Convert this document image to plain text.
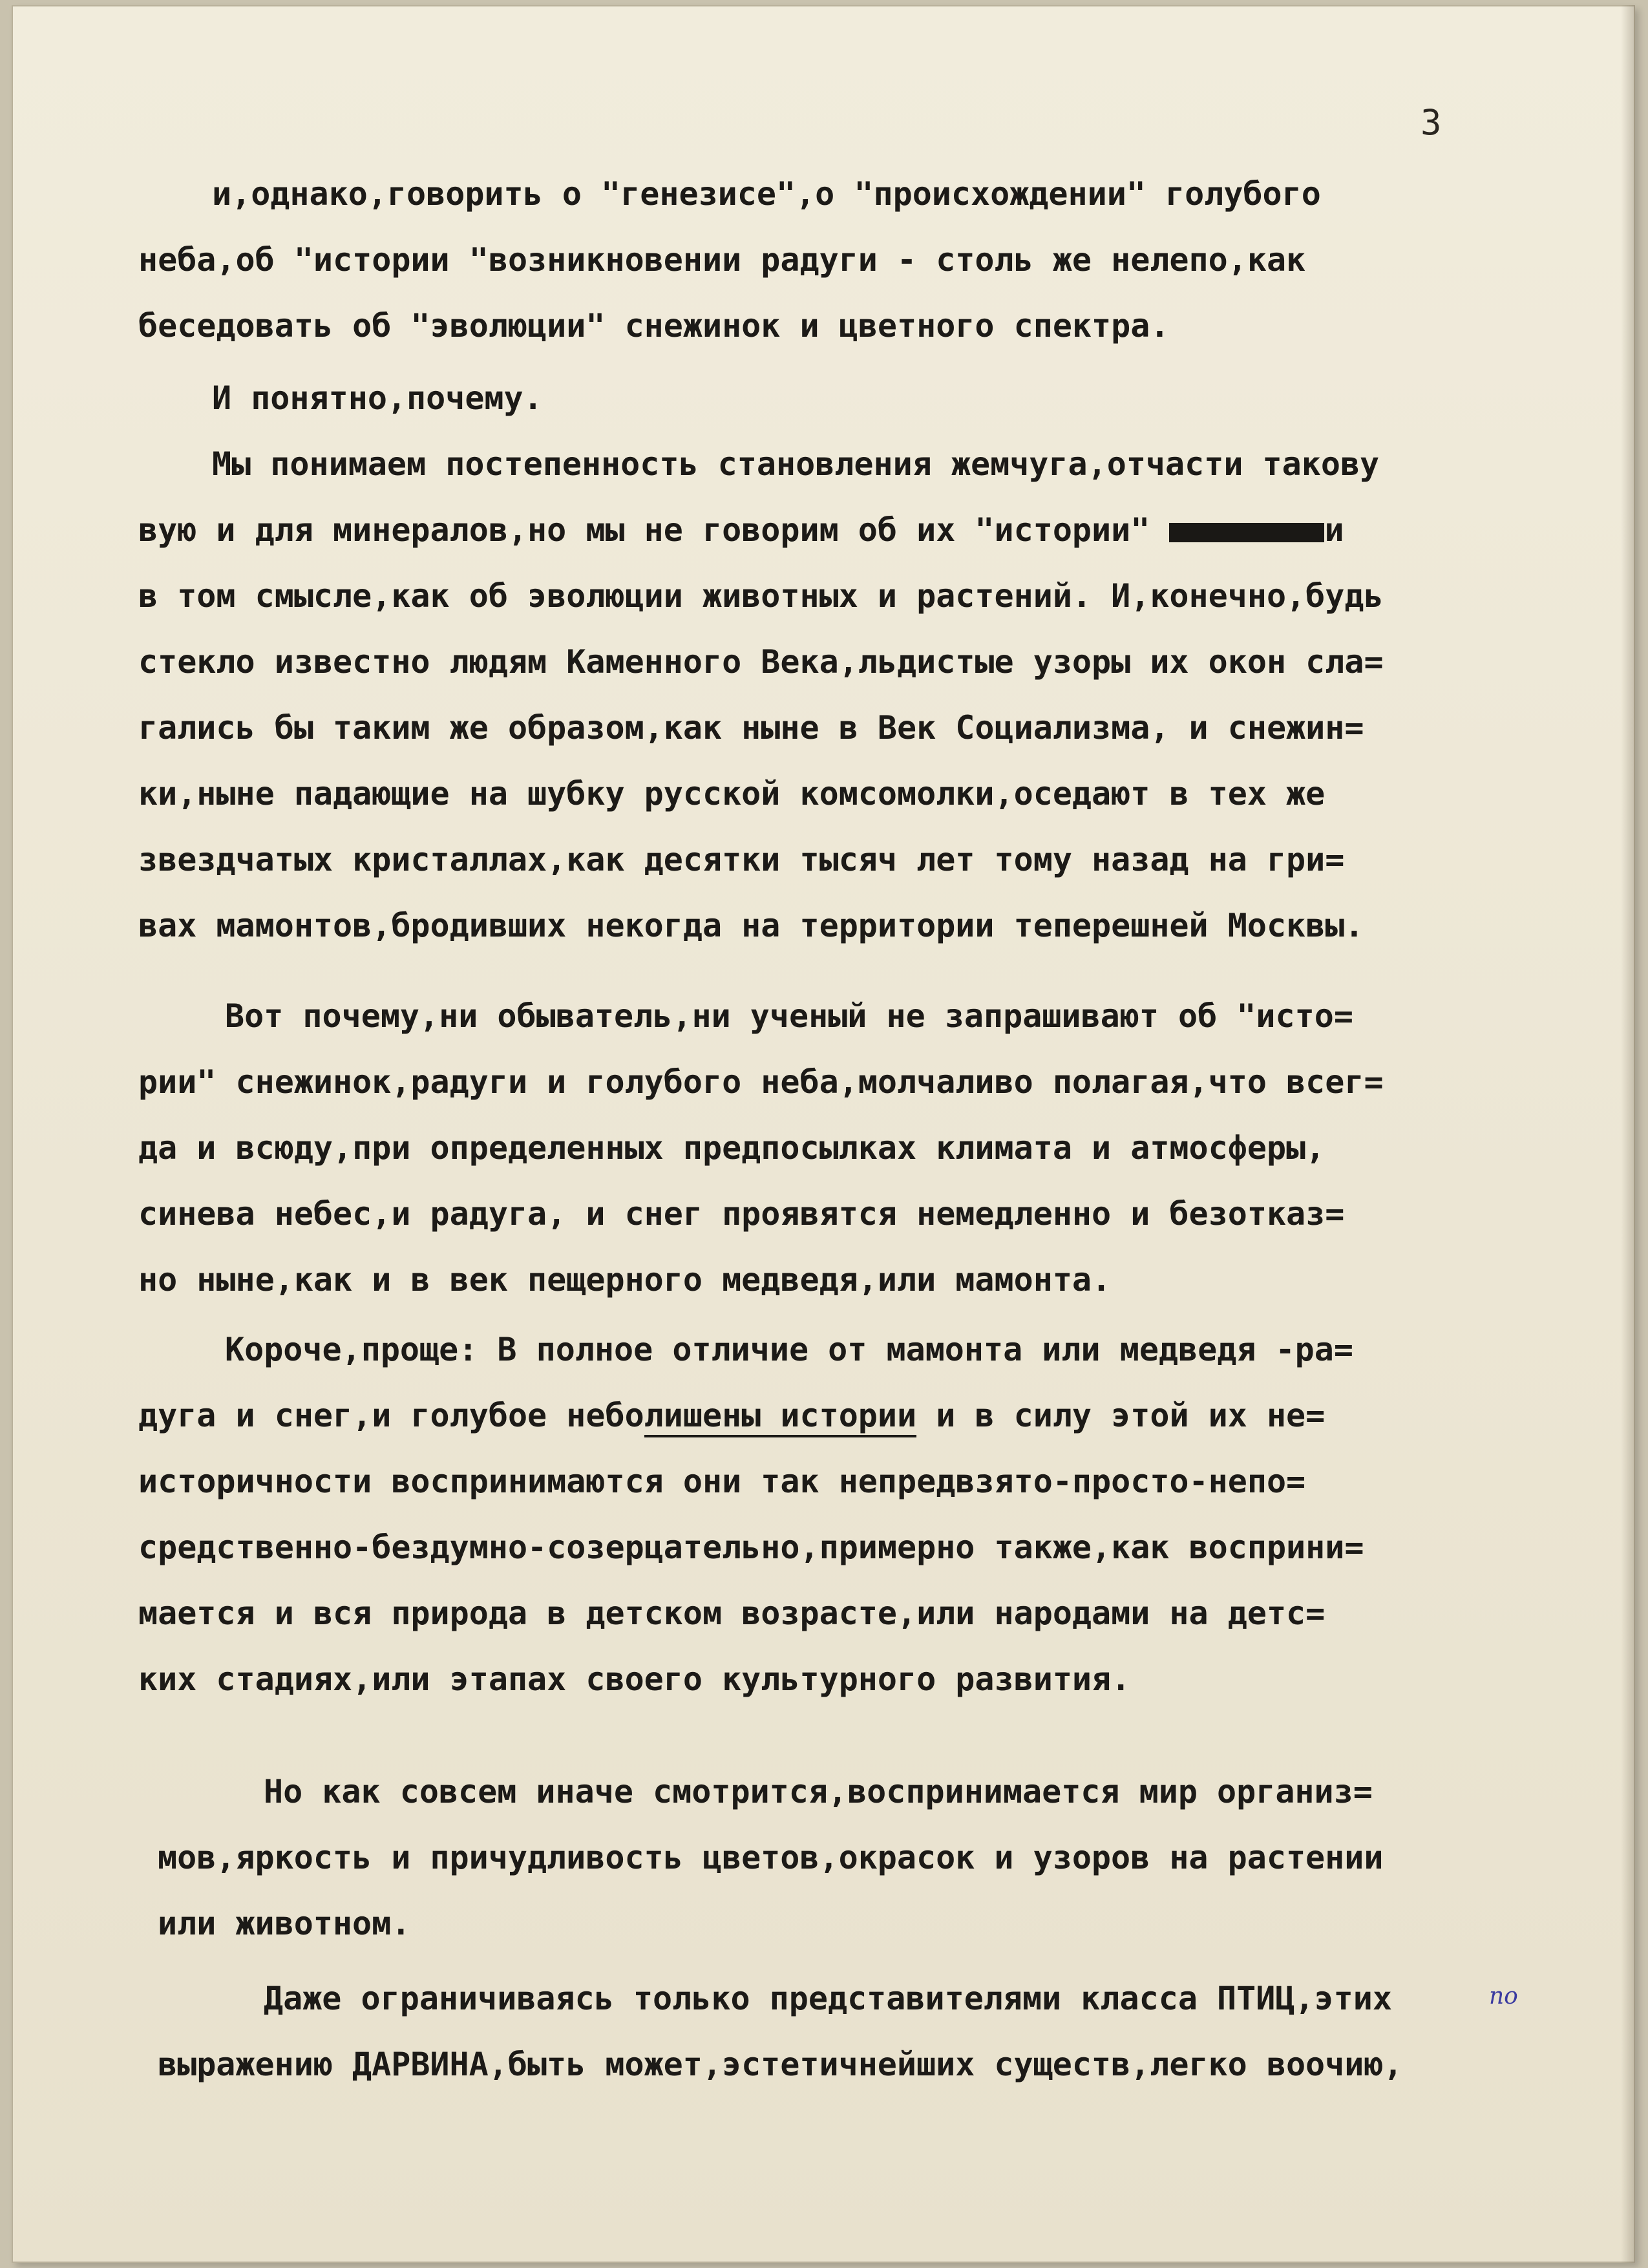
3

и,однако,говорить о "генезисе",о "происхождении" голубого

неба,об "истории "возникновении радуги - столь же нелепо,как

беседовать об "эволюции" снежинок и цветного спектра.

И понятно,почему.

Мы понимаем постепенность становления жемчуга,отчасти такову

вую и для минералов,но мы не говорим об их "истории"	и

в том смысле,как об эволюции животных и растений. И,конечно,будь

стекло известно людям Каменного Века,льдистые узоры их окон сла=

гались бы таким же образом,как ныне в Век Социализма, и снежин=

ки,ныне падающие на шубку русской комсомолки,оседают в тех же

звездчатых кристаллах,как десятки тысяч лет тому назад на гри=

вах мамонтов,бродивших некогда на территории теперешней Москвы.

Вот почему,ни обыватель,ни ученый не запрашивают об "исто=

рии" снежинок,радуги и голубого неба,молчаливо полагая,что всег=

да и всюду,при определенных предпосылках климата и атмосферы,

синева небес,и радуга, и снег проявятся немедленно и безотказ=

но ныне,как и в век пещерного медведя,или мамонта.

Короче,проще: В полное отличие от мамонта или медведя -ра=

дуга и снег,и голубое неболишены истории и в силу этой их не=

историчности воспринимаются они так непредвзято-просто-непо=

средственно-бездумно-созерцательно,примерно также,как восприни=

мается и вся природа в детском возрасте,или народами на детс=

ких стадиях,или этапах своего культурного развития.

Но как совсем иначе смотрится,воспринимается мир организ=

мов,яркость и причудливость цветов,окрасок и узоров на растении

или животном.

Даже ограничиваясь только представителями класса ПТИЦ,этих	по

выражению ДАРВИНА,быть может,эстетичнейших существ,легко воочию,
